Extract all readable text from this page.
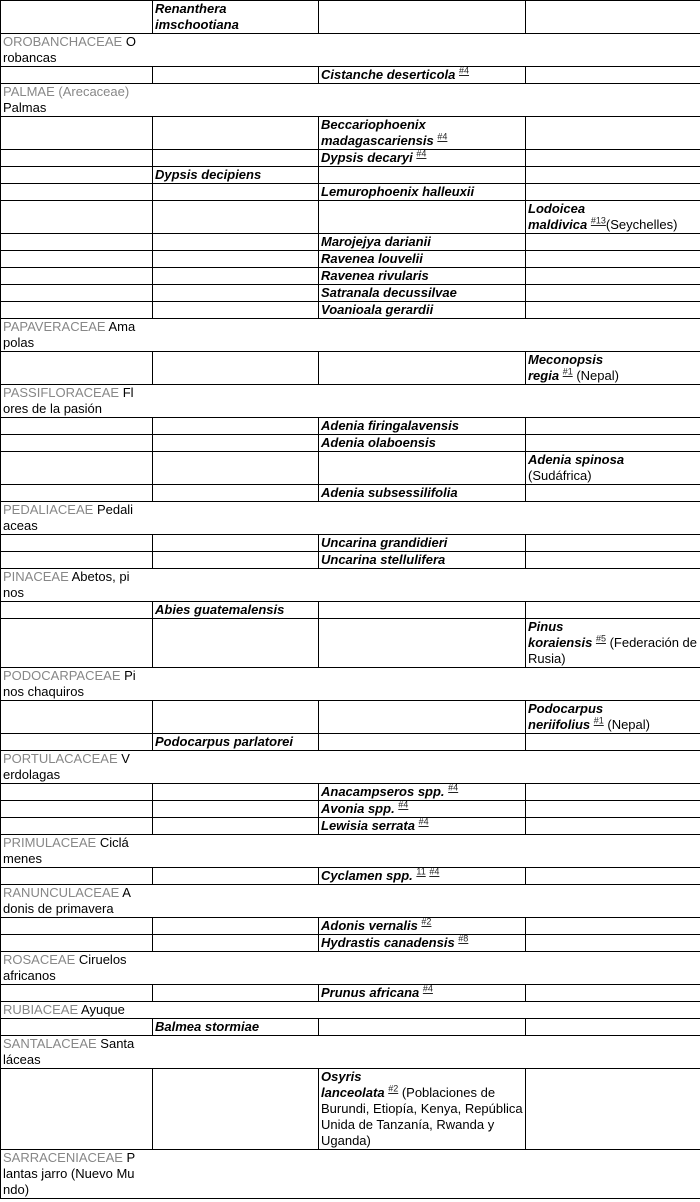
	Renanthera
imschootiana		

OROBANCHACEAE Orobancas			

		Cistanche deserticola $^{\#4}$	

PALMAE (Arecaceae) Palmas			

		Beccariophoenix madagascariensis $^{\#4}$	
		Dypsis decaryi $^{\#4}$	
	Dypsis decipiens		
		Lemurophoenix halleuxii	
			Lodoicea
maldivica $^{\#13}$(Seychelles)
		Marojejya darianii	
		Ravenea louvelii	
		Ravenea rivularis	
		Satranala decussilvae	
		Voanioala gerardii	

PAPAVERACEAE Amapolas			

			Meconopsis
regia $^{\#1}$ (Nepal)

PASSIFLORACEAE Flores de la pasión			

		Adenia firingalavensis	
		Adenia olaboensis	
			Adenia spinosa
(Sudáfrica)
		Adenia subsessilifolia	

PEDALIACEAE Pedaliaceas			

		Uncarina grandidieri	
		Uncarina stellulifera	

PINACEAE Abetos, pinos			

	Abies guatemalensis		
			Pinus
koraiensis $^{\#5}$ (Federación de Rusia)

PODOCARPACEAE Pinos chaquiros			

			Podocarpus
neriifolius $^{\#1}$ (Nepal)
	Podocarpus parlatorei		

PORTULACACEAE Verdolagas			

		Anacampseros spp. $^{\#4}$	
		Avonia spp. $^{\#4}$	
		Lewisia serrata $^{\#4}$	

PRIMULACEAE Ciclámenes			

		Cyclamen spp. $^{11}$ $^{\#4}$	

RANUNCULACEAE Adonis de primavera			

		Adonis vernalis $^{\#2}$	
		Hydrastis canadensis $^{\#8}$	

ROSACEAE Ciruelos africanos			

		Prunus africana $^{\#4}$	

RUBIACEAE Ayuque			

	Balmea stormiae		

SANTALACEAE Santaláceas			

		Osyris
lanceolata $^{\#2}$ (Poblaciones de Burundi, Etiopía, Kenya, República Unida de Tanzanía, Rwanda y Uganda)	

SARRACENIACEAE Plantas jarro (Nuevo Mundo)			
